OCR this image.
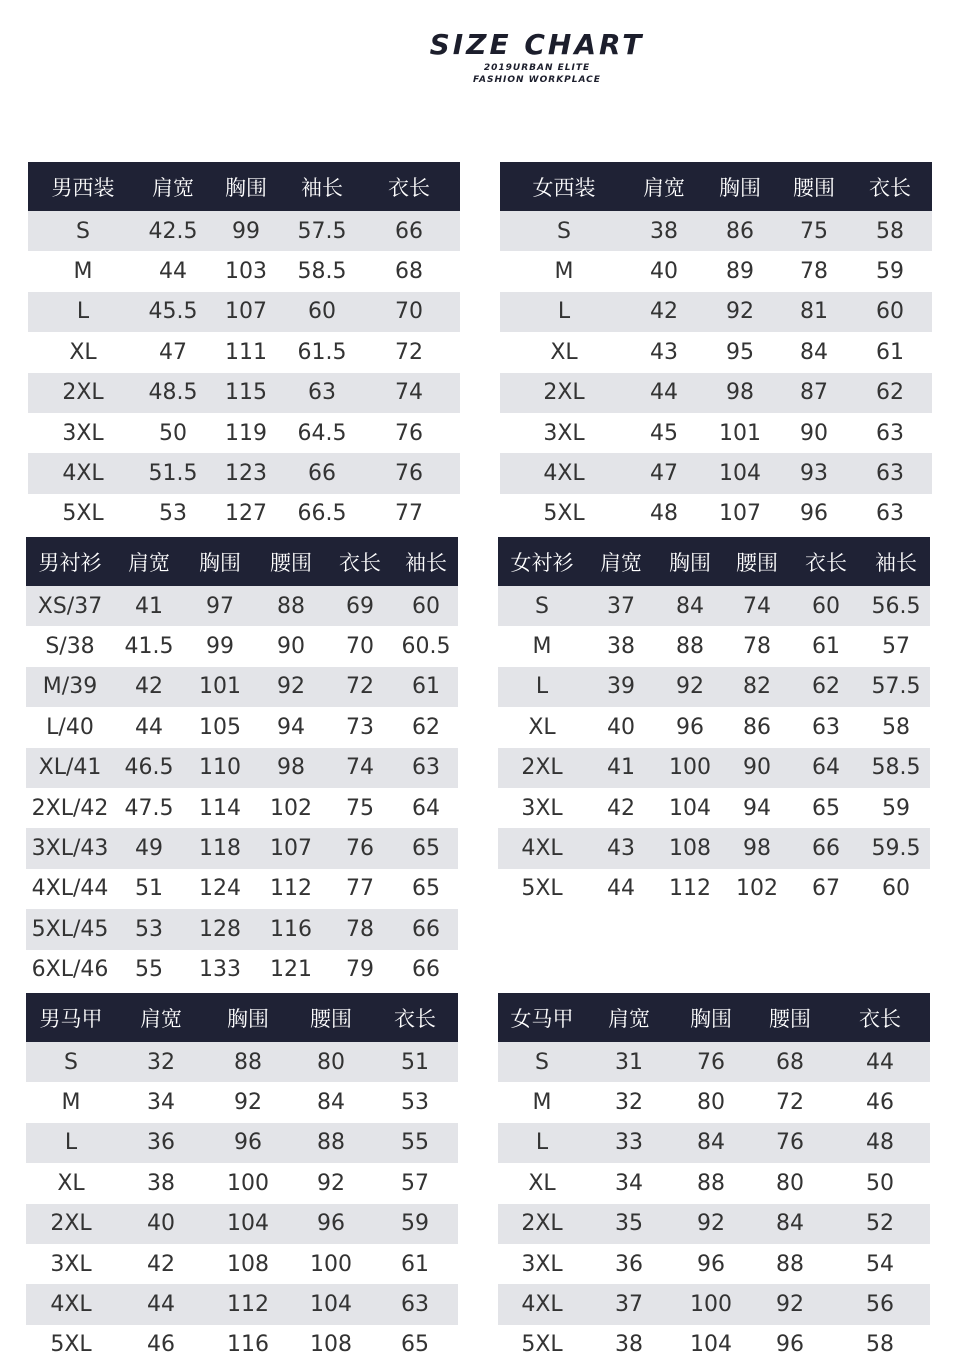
SIZE CHART
2019URBAN ELITE
FASHION WORKPLACE
男西装	肩宽	胸围	袖长	衣长
S	42.5	99	57.5	66
M	44	103	58.5	68
L	45.5	107	60	70
XL	47	111	61.5	72
2XL	48.5	115	63	74
3XL	50	119	64.5	76
4XL	51.5	123	66	76
5XL	53	127	66.5	77
女西装	肩宽	胸围	腰围	衣长
S	38	86	75	58
M	40	89	78	59
L	42	92	81	60
XL	43	95	84	61
2XL	44	98	87	62
3XL	45	101	90	63
4XL	47	104	93	63
5XL	48	107	96	63
男衬衫	肩宽	胸围	腰围	衣长	袖长
XS/37	41	97	88	69	60
S/38	41.5	99	90	70	60.5
M/39	42	101	92	72	61
L/40	44	105	94	73	62
XL/41	46.5	110	98	74	63
2XL/42 47.5	114	102	75	64
3XL/43	49	118	107	76	65
4XL/44	51	124	112	77	65
5XL/45	53	128	116	78	66
6XL/46	55	133	121	79	66
女衬衫	肩宽	胸围	腰围	衣长	袖长
S	37	84	74	60	56.5
M	38	88	78	61	57
L	39	92	82	62	57.5
XL	40	96	86	63	58
2XL	41	100	90	64	58.5
3XL	42	104	94	65	59
4XL	43	108	98	66	59.5
5XL	44	112	102	67	60
男马甲	肩宽	胸围	腰围	衣长
S	32	88	80	51
M	34	92	84	53
L	36	96	88	55
XL	38	100	92	57
2XL	40	104	96	59
3XL	42	108	100	61
4XL	44	112	104	63
5XL	46	116	108	65
女马甲	肩宽	胸围	腰围	衣长
S	31	76	68	44
M	32	80	72	46
L	33	84	76	48
XL	34	88	80	50
2XL	35	92	84	52
3XL	36	96	88	54
4XL	37	100	92	56
5XL	38	104	96	58
